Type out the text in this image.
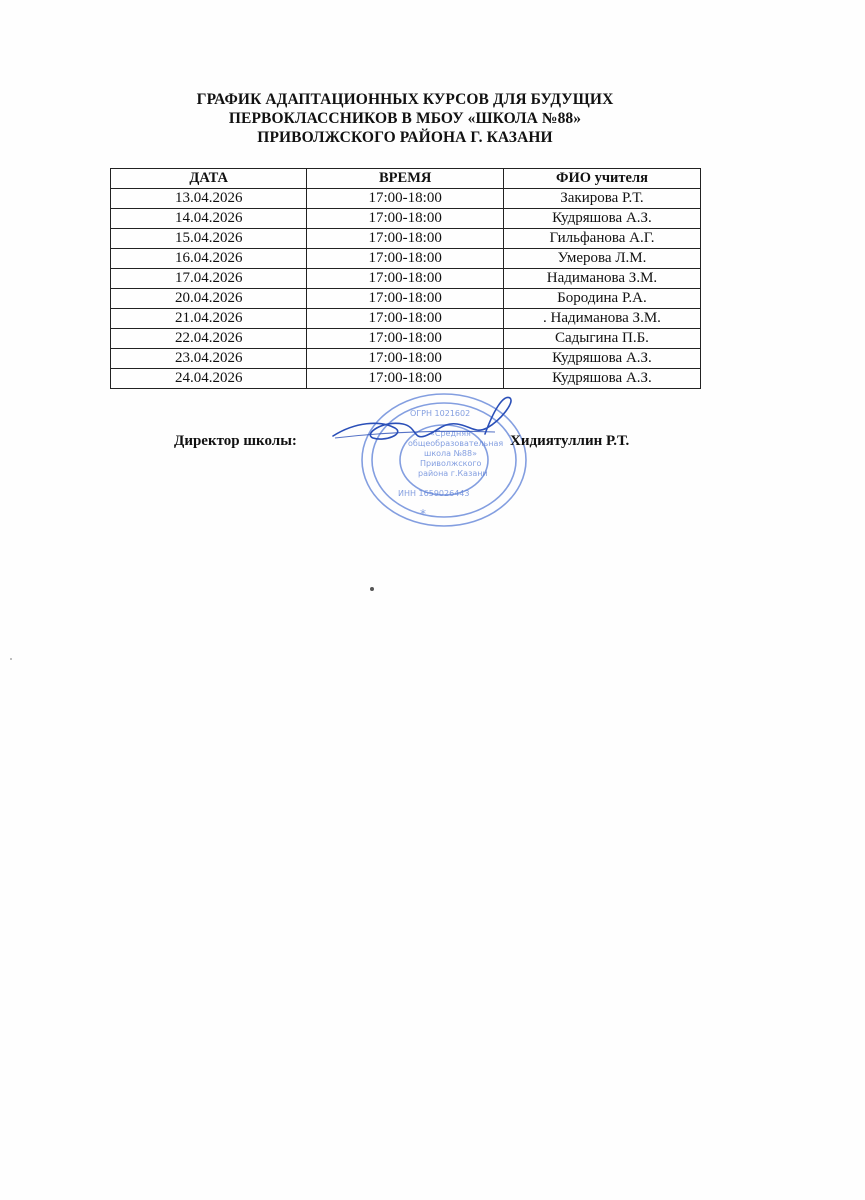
ГРАФИК АДАПТАЦИОННЫХ КУРСОВ ДЛЯ БУДУЩИХ
ПЕРВОКЛАССНИКОВ В МБОУ «ШКОЛА №88»
ПРИВОЛЖСКОГО РАЙОНА Г. КАЗАНИ
ДАТА	ВРЕМЯ	ФИО учителя
13.04.2026	17:00-18:00	Закирова Р.Т.
14.04.2026	17:00-18:00	Кудряшова А.З.
15.04.2026	17:00-18:00	Гильфанова А.Г.
16.04.2026	17:00-18:00	Умерова Л.М.
17.04.2026	17:00-18:00	Надиманова З.М.
20.04.2026	17:00-18:00	Бородина Р.А.
21.04.2026	17:00-18:00	. Надиманова З.М.
22.04.2026	17:00-18:00	Садыгина П.Б.
23.04.2026	17:00-18:00	Кудряшова А.З.
24.04.2026	17:00-18:00	Кудряшова А.З.
ОГРН 1021602
«Средняя
общеобразовательная
школа №88»
Приволжского
района г.Казани
ИНН 1659026443
*
Директор школы:	Хидиятуллин Р.Т.
